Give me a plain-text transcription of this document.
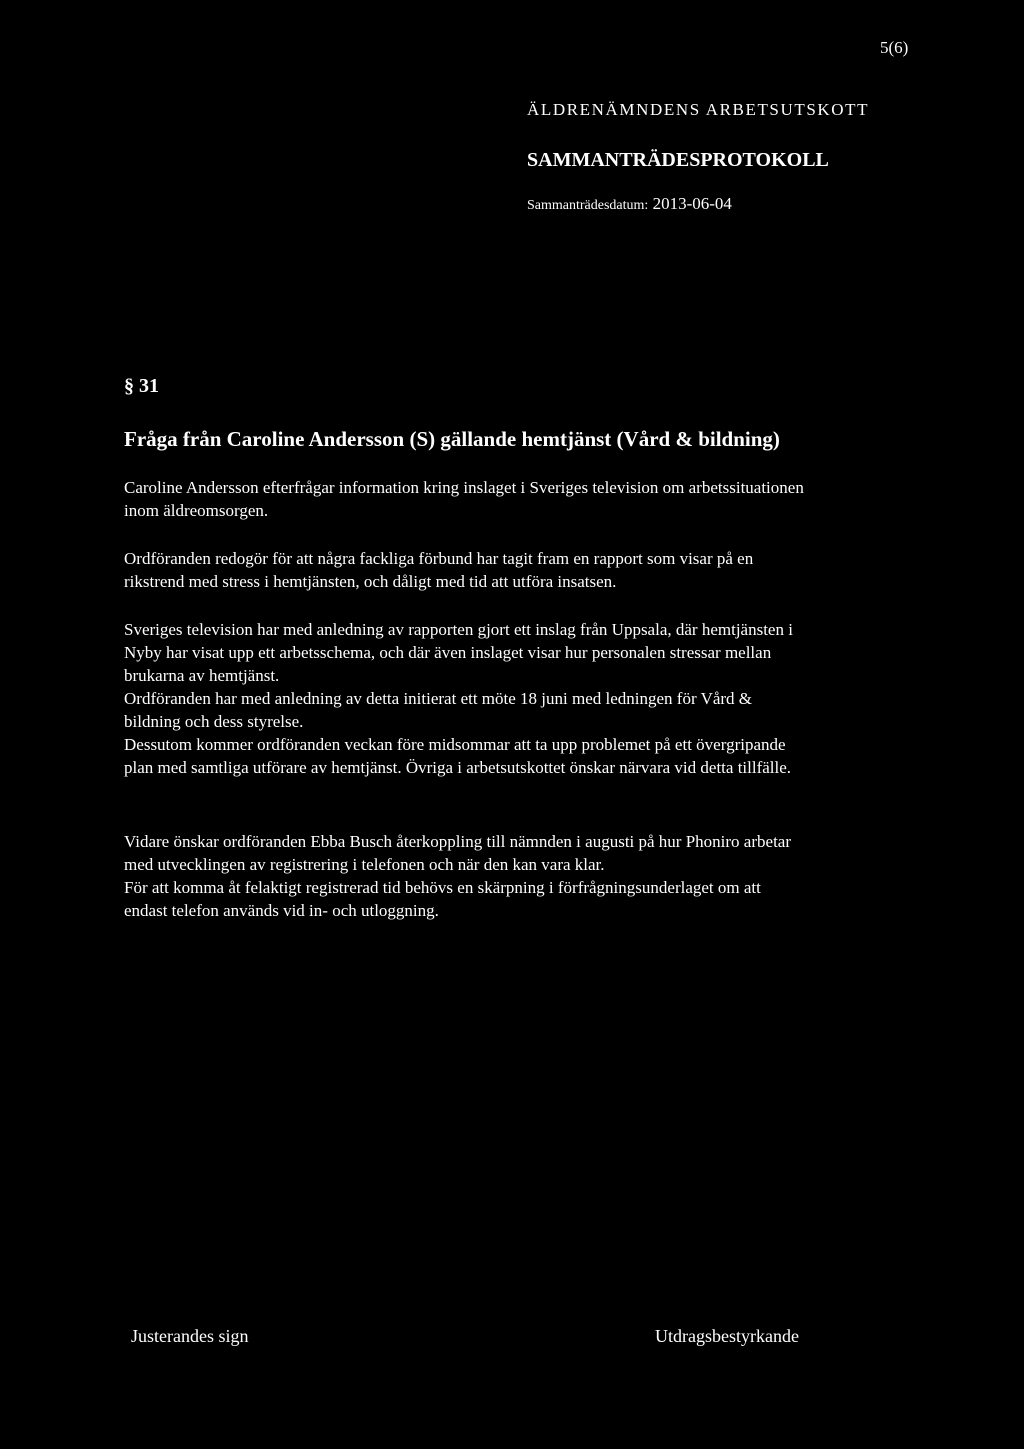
5(6)
ÄLDRENÄMNDENS ARBETSUTSKOTT
SAMMANTRÄDESPROTOKOLL
Sammanträdesdatum: 2013-06-04
§ 31
Fråga från Caroline Andersson (S) gällande hemtjänst (Vård & bildning)

Caroline Andersson efterfrågar information kring inslaget i Sveriges television om arbetssituationen
inom äldreomsorgen.

Ordföranden redogör för att några fackliga förbund har tagit fram en rapport som visar på en
rikstrend med stress i hemtjänsten, och dåligt med tid att utföra insatsen.

Sveriges television har med anledning av rapporten gjort ett inslag från Uppsala, där hemtjänsten i
Nyby har visat upp ett arbetsschema, och där även inslaget visar hur personalen stressar mellan
brukarna av hemtjänst.
Ordföranden har med anledning av detta initierat ett möte 18 juni med ledningen för Vård &
bildning och dess styrelse.
Dessutom kommer ordföranden veckan före midsommar att ta upp problemet på ett övergripande
plan med samtliga utförare av hemtjänst. Övriga i arbetsutskottet önskar närvara vid detta tillfälle.

Vidare önskar ordföranden Ebba Busch återkoppling till nämnden i augusti på hur Phoniro arbetar
med utvecklingen av registrering i telefonen och när den kan vara klar.
För att komma åt felaktigt registrerad tid behövs en skärpning i förfrågningsunderlaget om att
endast telefon används vid in- och utloggning.

Justerandes sign	Utdragsbestyrkande
